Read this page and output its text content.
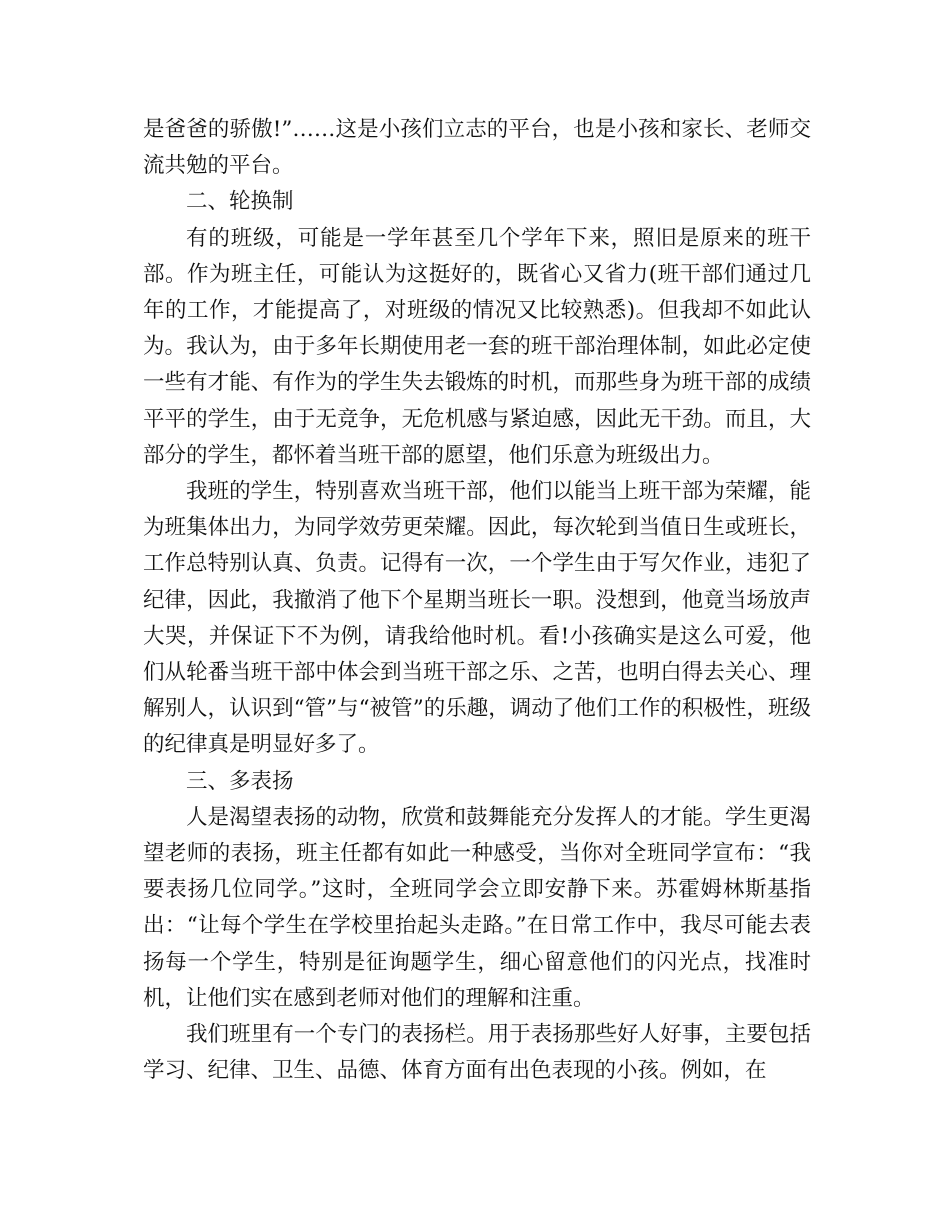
是爸爸的骄傲!”……这是小孩们立志的平台，也是小孩和家长、老师交流共勉的平台。

二、轮换制

有的班级，可能是一学年甚至几个学年下来，照旧是原来的班干部。作为班主任，可能认为这挺好的，既省心又省力(班干部们通过几年的工作，才能提高了，对班级的情况又比较熟悉)。但我却不如此认为。我认为，由于多年长期使用老一套的班干部治理体制，如此必定使一些有才能、有作为的学生失去锻炼的时机，而那些身为班干部的成绩平平的学生，由于无竞争，无危机感与紧迫感，因此无干劲。而且，大部分的学生，都怀着当班干部的愿望，他们乐意为班级出力。

我班的学生，特别喜欢当班干部，他们以能当上班干部为荣耀，能为班集体出力，为同学效劳更荣耀。因此，每次轮到当值日生或班长，工作总特别认真、负责。记得有一次，一个学生由于写欠作业，违犯了纪律，因此，我撤消了他下个星期当班长一职。没想到，他竟当场放声大哭，并保证下不为例，请我给他时机。看!小孩确实是这么可爱，他们从轮番当班干部中体会到当班干部之乐、之苦，也明白得去关心、理解别人，认识到“管”与“被管”的乐趣，调动了他们工作的积极性，班级的纪律真是明显好多了。

三、多表扬

人是渴望表扬的动物，欣赏和鼓舞能充分发挥人的才能。学生更渴望老师的表扬，班主任都有如此一种感受，当你对全班同学宣布：“我要表扬几位同学。”这时，全班同学会立即安静下来。苏霍姆林斯基指出：“让每个学生在学校里抬起头走路。”在日常工作中，我尽可能去表扬每一个学生，特别是征询题学生，细心留意他们的闪光点，找准时机，让他们实在感到老师对他们的理解和注重。

我们班里有一个专门的表扬栏。用于表扬那些好人好事，主要包括学习、纪律、卫生、品德、体育方面有出色表现的小孩。例如，在
